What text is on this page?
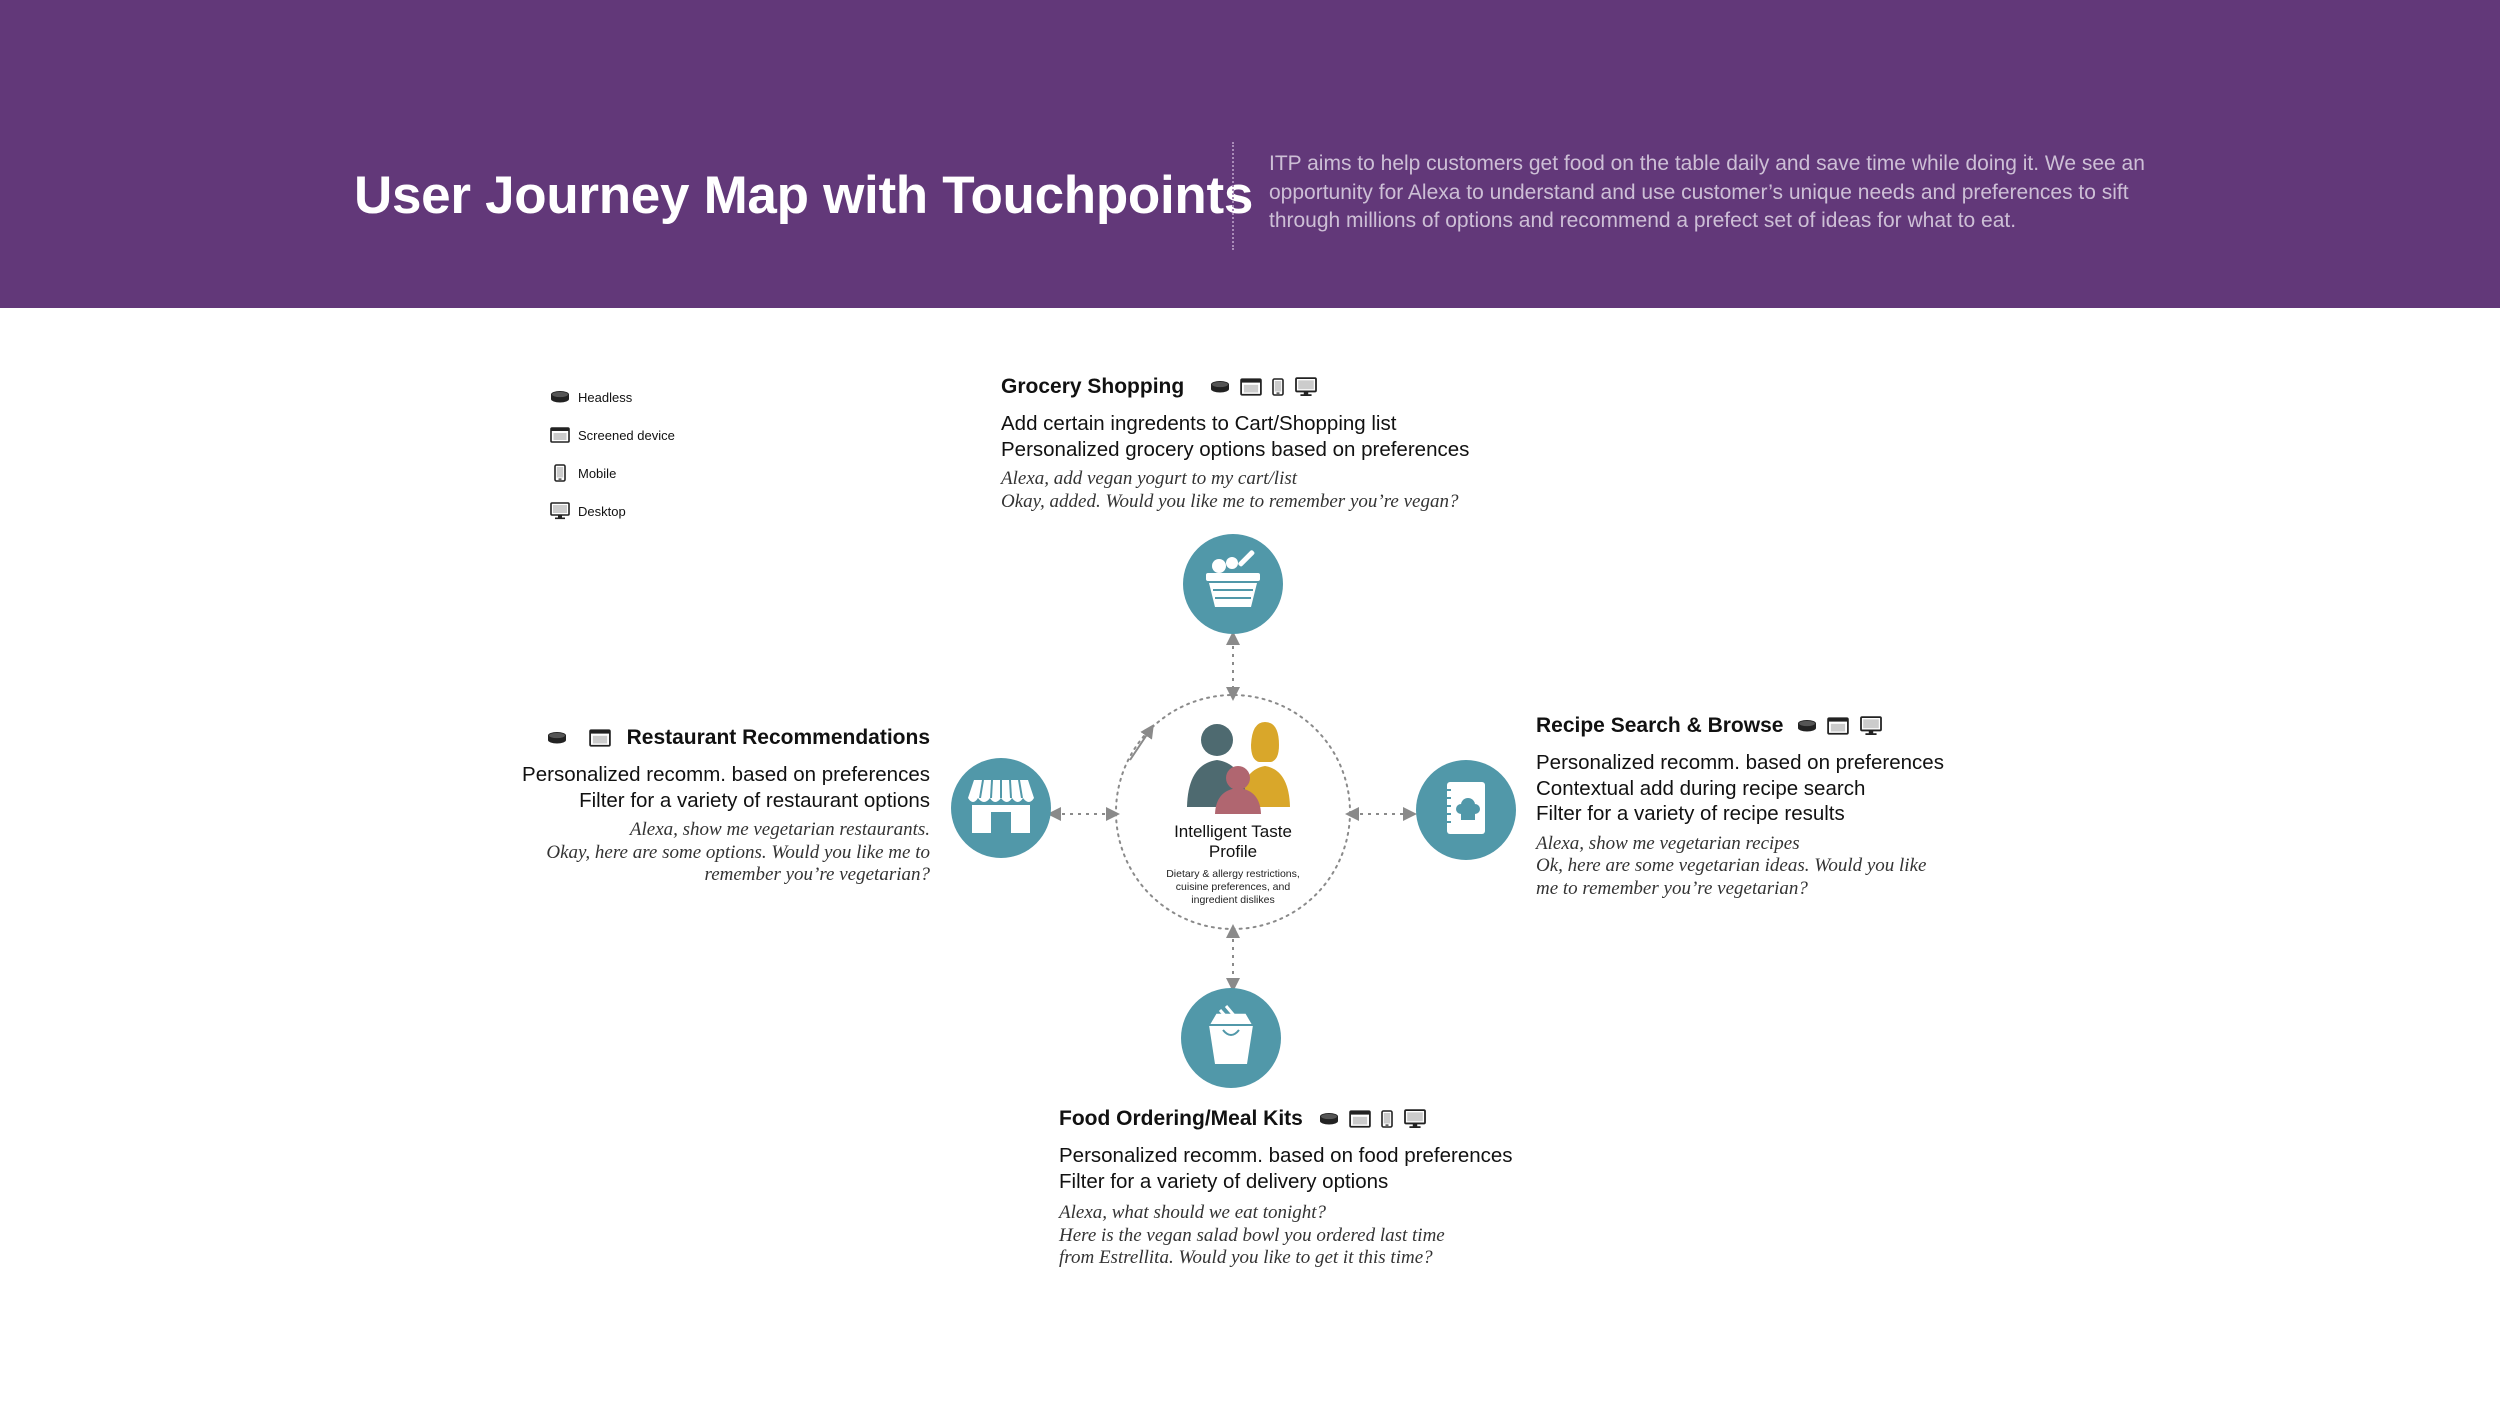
User Journey Map with Touchpoints

ITP aims to help customers get food on the table daily and save time while doing it. We see an opportunity for Alexa to understand and use customer’s unique needs and preferences to sift through millions of options and recommend a prefect set of ideas for what to eat.

Headless
Screened device
Mobile
Desktop
Intelligent Taste
Profile
Dietary & allergy restrictions,
cuisine preferences, and
ingredient dislikes
Grocery Shopping
Add certain ingredents to Cart/Shopping list
Personalized grocery options based on preferences
Alexa, add vegan yogurt to my cart/list
Okay, added. Would you like me to remember you’re vegan?
Restaurant Recommendations
Personalized recomm. based on preferences
Filter for a variety of restaurant options
Alexa, show me vegetarian restaurants.
Okay, here are some options. Would you like me to
remember you’re vegetarian?
Recipe Search & Browse
Personalized recomm. based on preferences
Contextual add during recipe search
Filter for a variety of recipe results
Alexa, show me vegetarian recipes
Ok, here are some vegetarian ideas. Would you like
me to remember you’re vegetarian?
Food Ordering/Meal Kits
Personalized recomm. based on food preferences
Filter for a variety of delivery options
Alexa, what should we eat tonight?
Here is the vegan salad bowl you ordered last time
from Estrellita. Would you like to get it this time?
